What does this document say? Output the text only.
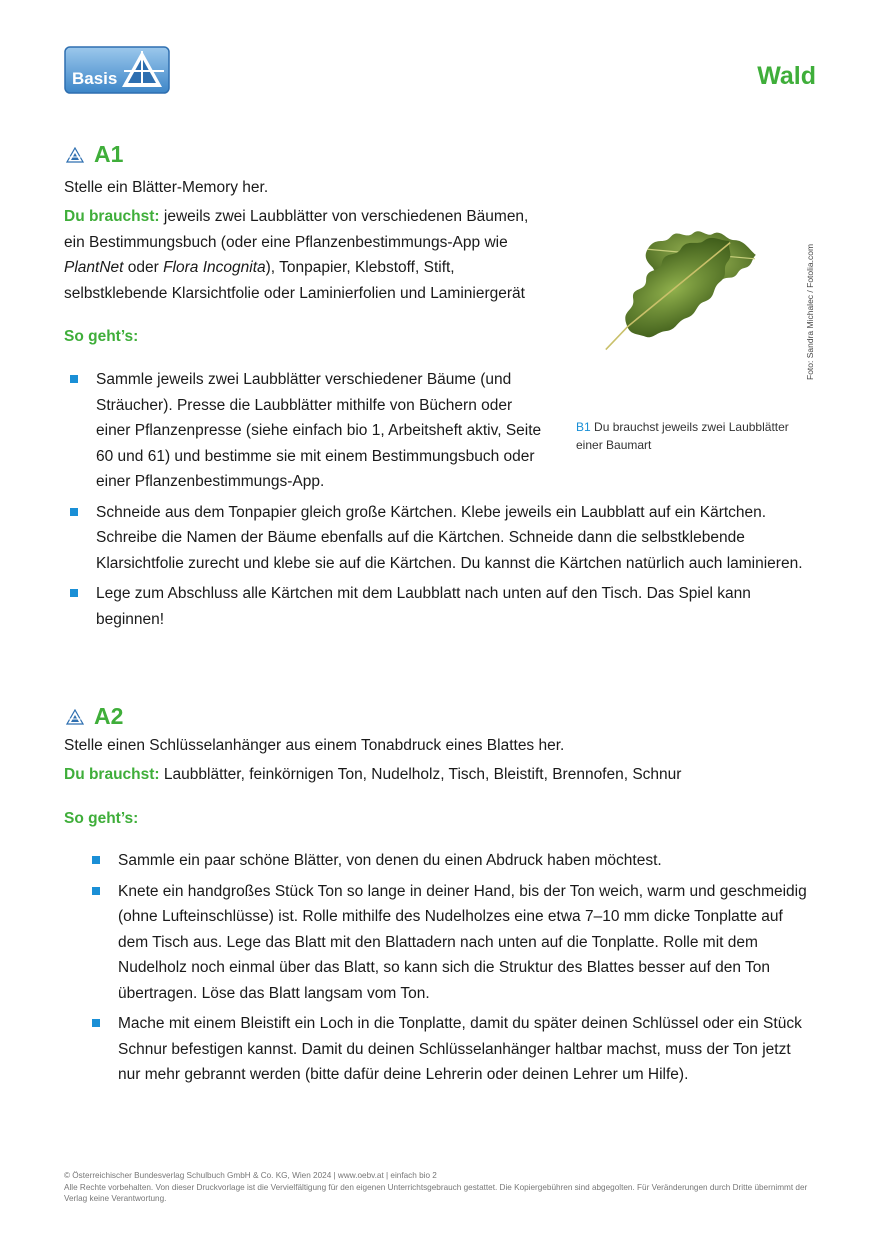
Basis	Wald
A1
Stelle ein Blätter-Memory her.
Du brauchst: jeweils zwei Laubblätter von verschiedenen Bäumen,
ein Bestimmungsbuch (oder eine Pflanzenbestimmungs-App wie
PlantNet oder Flora Incognita), Tonpapier, Klebstoff, Stift,
selbstklebende Klarsichtfolie oder Laminierfolien und Laminiergerät
So geht’s:
Sammle jeweils zwei Laubblätter verschiedener Bäume (und Sträucher). Presse die Laubblätter mithilfe von Büchern oder einer Pflanzenpresse (siehe einfach bio 1, Arbeitsheft aktiv, Seite 60 und 61) und bestimme sie mit einem Bestimmungsbuch oder einer Pflanzenbestimmungs-App.
Schneide aus dem Tonpapier gleich große Kärtchen. Klebe jeweils ein Laubblatt auf ein Kärtchen. Schreibe die Namen der Bäume ebenfalls auf die Kärtchen. Schneide dann die selbstklebende Klarsichtfolie zurecht und klebe sie auf die Kärtchen. Du kannst die Kärtchen natürlich auch laminieren.
Lege zum Abschluss alle Kärtchen mit dem Laubblatt nach unten auf den Tisch. Das Spiel kann beginnen!
B1 Du brauchst jeweils zwei Laubblätter einer Baumart
Foto: Sandra Michalec / Fotolia.com
A2
Stelle einen Schlüsselanhänger aus einem Tonabdruck eines Blattes her.
Du brauchst: Laubblätter, feinkörnigen Ton, Nudelholz, Tisch, Bleistift, Brennofen, Schnur
So geht’s:
Sammle ein paar schöne Blätter, von denen du einen Abdruck haben möchtest.
Knete ein handgroßes Stück Ton so lange in deiner Hand, bis der Ton weich, warm und geschmeidig (ohne Lufteinschlüsse) ist. Rolle mithilfe des Nudelholzes eine etwa 7–10 mm dicke Tonplatte auf dem Tisch aus. Lege das Blatt mit den Blattadern nach unten auf die Tonplatte. Rolle mit dem Nudelholz noch einmal über das Blatt, so kann sich die Struktur des Blattes besser auf den Ton übertragen. Löse das Blatt langsam vom Ton.
Mache mit einem Bleistift ein Loch in die Tonplatte, damit du später deinen Schlüssel oder ein Stück Schnur befestigen kannst. Damit du deinen Schlüsselanhänger haltbar machst, muss der Ton jetzt nur mehr gebrannt werden (bitte dafür deine Lehrerin oder deinen Lehrer um Hilfe).
© Österreichischer Bundesverlag Schulbuch GmbH & Co. KG, Wien 2024 | www.oebv.at | einfach bio 2
Alle Rechte vorbehalten. Von dieser Druckvorlage ist die Vervielfältigung für den eigenen Unterrichtsgebrauch gestattet. Die Kopiergebühren sind abgegolten. Für Veränderungen durch Dritte übernimmt der Verlag keine Verantwortung.
